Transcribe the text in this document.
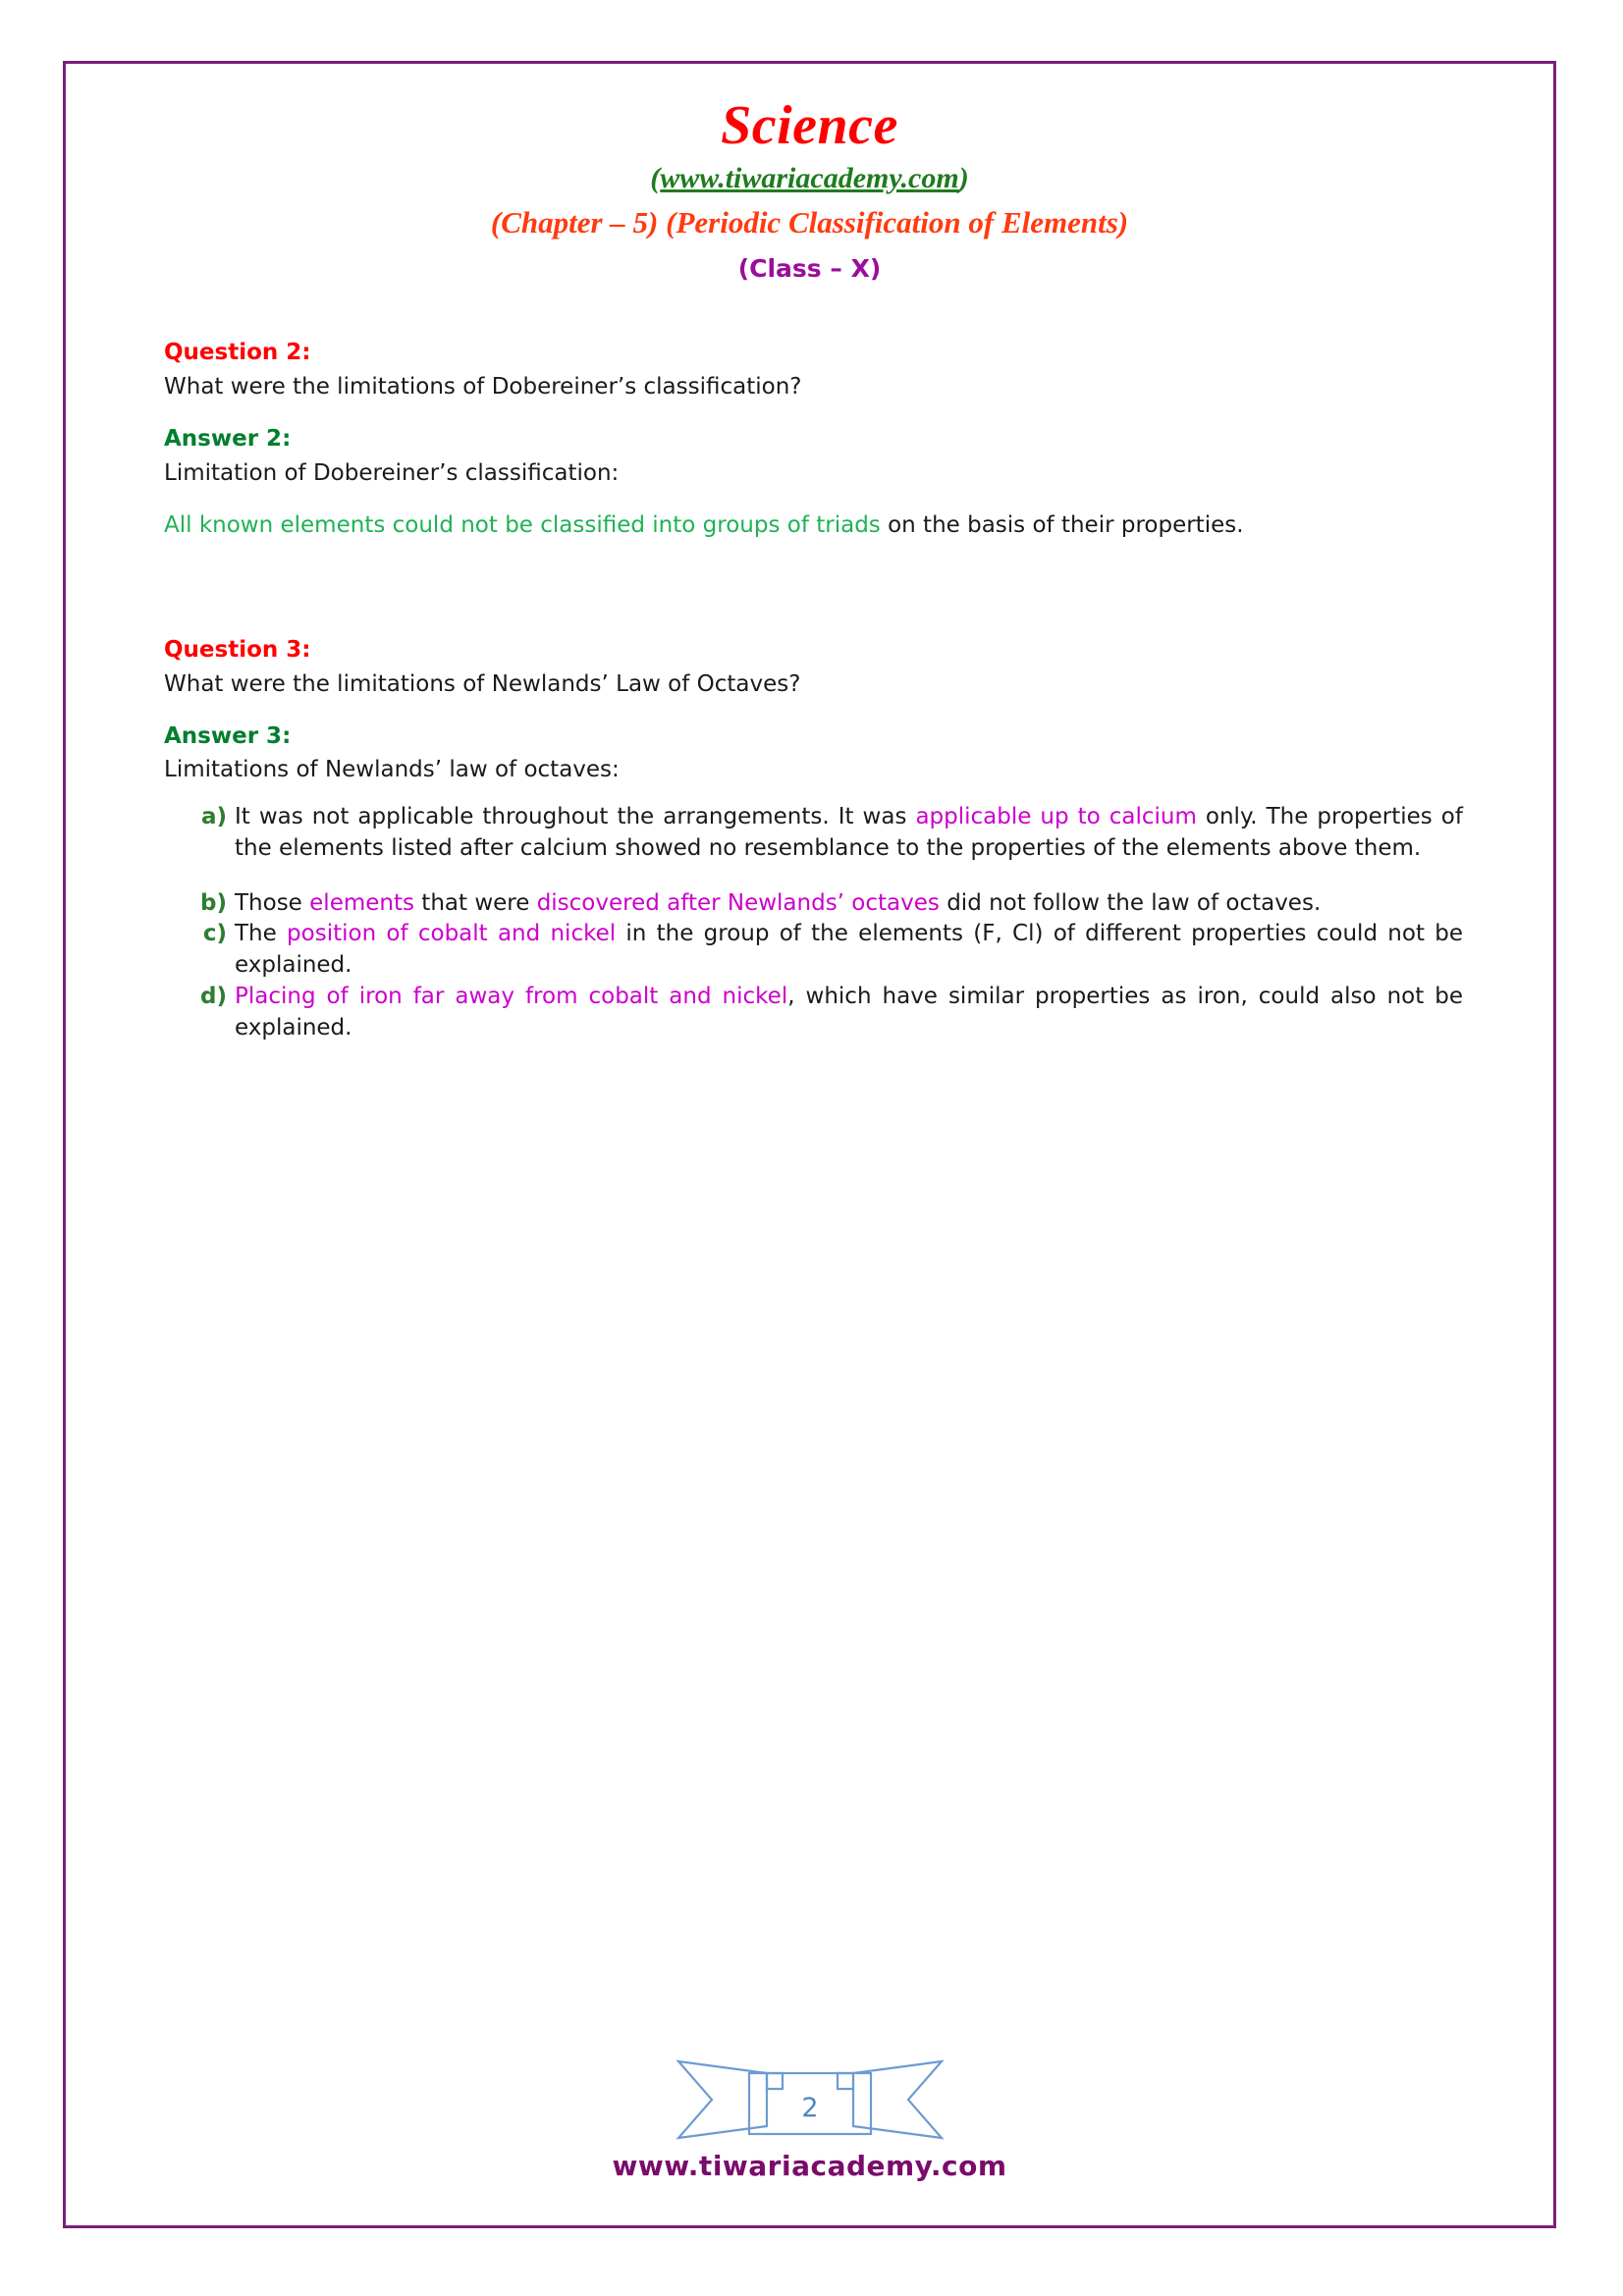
Science
(www.tiwariacademy.com)
(Chapter – 5) (Periodic Classification of Elements)
(Class – X)

Question 2:

What were the limitations of Dobereiner’s classification?

Answer 2:

Limitation of Dobereiner’s classification:

All known elements could not be classified into groups of triads on the basis of their properties.

Question 3:

What were the limitations of Newlands’ Law of Octaves?

Answer 3:

Limitations of Newlands’ law of octaves:

a) It was not applicable throughout the arrangements. It was applicable up to calcium only. The properties of the elements listed after calcium showed no resemblance to the properties of the elements above them.
b) Those elements that were discovered after Newlands’ octaves did not follow the law of octaves.
c) The position of cobalt and nickel in the group of the elements (F, Cl) of different properties could not be explained.
d) Placing of iron far away from cobalt and nickel, which have similar properties as iron, could also not be explained.
2
www.tiwariacademy.com
